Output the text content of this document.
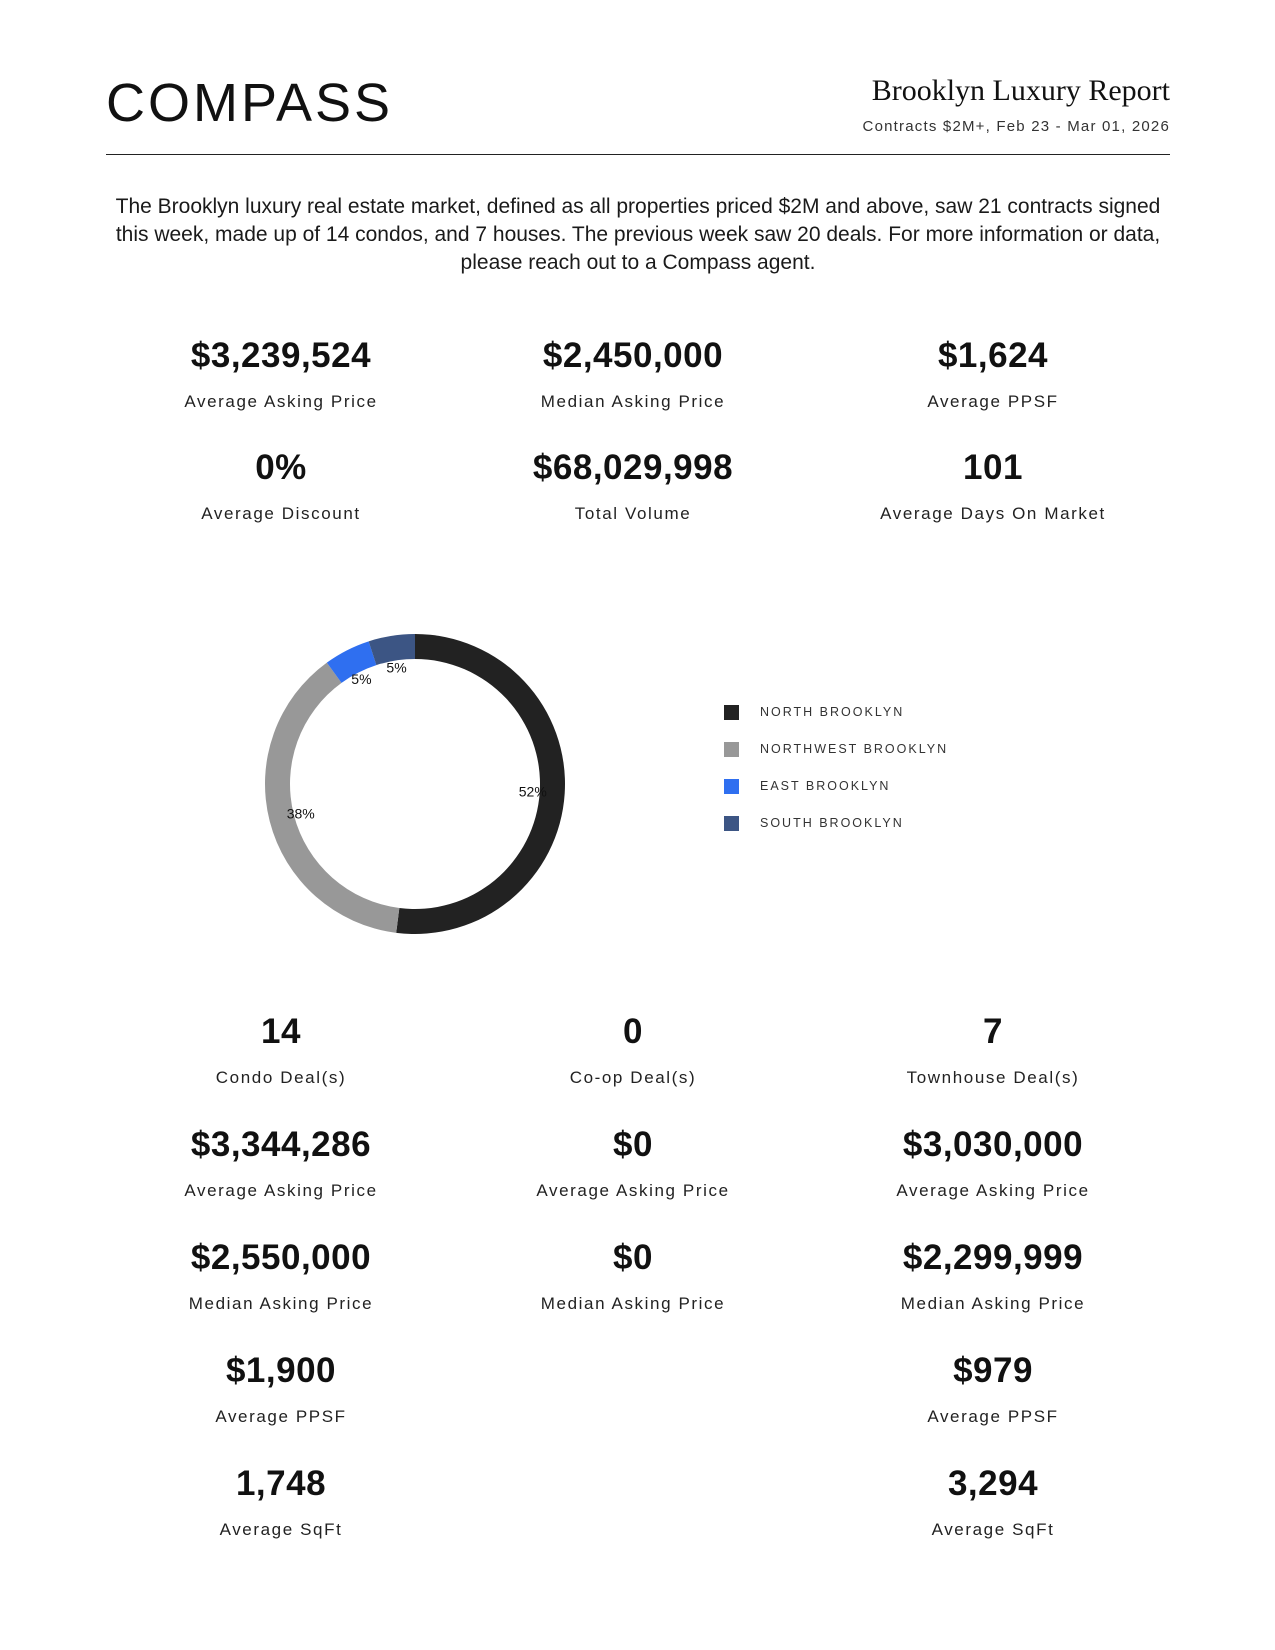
COMPASS	Brooklyn Luxury Report
Contracts $2M+, Feb 23 - Mar 01, 2026
The Brooklyn luxury real estate market, defined as all properties priced $2M and above, saw 21 contracts signed this week, made up of 14 condos, and 7 houses. The previous week saw 20 deals. For more information or data, please reach out to a Compass agent.
$3,239,524
Average Asking Price
$2,450,000
Median Asking Price
$1,624
Average PPSF
0%
Average Discount
$68,029,998
Total Volume
101
Average Days On Market
52%
38%
5%
5%
NORTH BROOKLYN
NORTHWEST BROOKLYN
EAST BROOKLYN
SOUTH BROOKLYN
14
Condo Deal(s)
$3,344,286
Average Asking Price
$2,550,000
Median Asking Price
$1,900
Average PPSF
1,748
Average SqFt
0
Co-op Deal(s)
$0
Average Asking Price
$0
Median Asking Price
7
Townhouse Deal(s)
$3,030,000
Average Asking Price
$2,299,999
Median Asking Price
$979
Average PPSF
3,294
Average SqFt
